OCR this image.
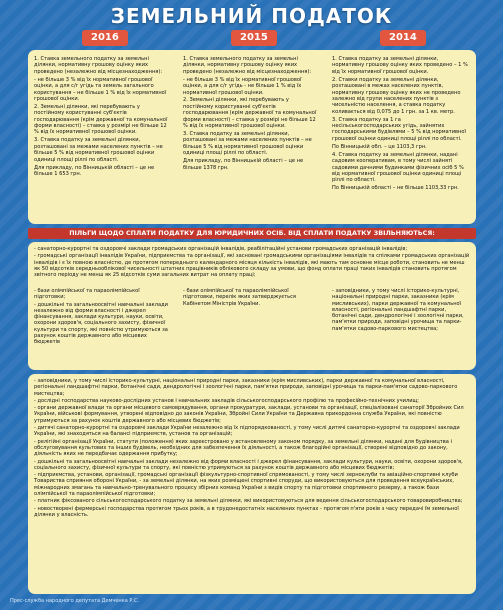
ЗЕМЕЛЬНИЙ ПОДАТОК
2016	2015	2014

1. Ставка земельного податку за земельні ділянки, нормативну грошову оцінку яких проведено (незалежно від місцезнаходження):

- не більше 3 % від їх нормативної грошової оцінки, а для с/г угідь та земель загального користування – не більше 1 % від їх нормативної грошової оцінки.

2. Земельні ділянки, які перебувають у постійному користуванні суб'єктів господарювання (крім державної та комунальної форми власності) – ставка у розмірі не більше 12 % від їх нормативної грошової оцінки.

3. Ставка податку за земельні ділянки, розташовані за межами населених пунктів – не більше 5 % від нормативної грошової оцінки одиниці площі ріллі по області.

Для прикладу, по Вінницькій області – це не більше 1 653 грн.

1. Ставка земельного податку за земельні ділянки, нормативну грошову оцінку яких проведено (незалежно від місцезнаходження):

- не більше 3 % від їх нормативної грошової оцінки, а для с/г угідь - не більше 1 % від їх нормативної грошової оцінки.

2. Земельні ділянки, які перебувають у постійному користуванні суб'єктів господарювання (крім державної та комунальної форми власності) – ставка у розмірі не більше 12 % від їх нормативної грошової оцінки.

3. Ставка податку за земельні ділянки, розташовані за межами населених пунктів – не більше 5 % від нормативної грошової оцінки одиниці площі ріллі по області.

Для прикладу, по Вінницькій області – це не більше 1378 грн.

1. Ставка податку за земельні ділянки, нормативну грошову оцінку яких проведено – 1 % від їх нормативної грошової оцінки.

2. Ставки податку за земельні ділянки, розташовані в межах населених пунктів, нормативну грошову оцінку яких не проведено залежно від групи населених пунктів з чисельністю населення, а ставка податку коливається від 0,075 до 1 грн. за 1 кв. метр.

3. Ставка податку за 1 га несільськогосподарських угідь, зайнятих господарськими будівлями – 5 % від нормативної грошової оцінки одиниці площі ріллі по області.

По Вінницькій обл. – це 1103,3 грн.

4. Ставка податку за земельні ділянки, надані садовим кооперативам, в тому числі зайняті садовими дачними будинками фізичних осіб 5 % від нормативної грошової оцінки одиниці площі ріллі по області.

По Вінницькій області – не більше 1103,33 грн.

ПІЛЬГИ ЩОДО СПЛАТИ ПОДАТКУ ДЛЯ ЮРИДИЧНИХ ОСІБ. ВІД СПЛАТИ ПОДАТКУ ЗВІЛЬНЯЮТЬСЯ:

- санаторно-курортні та оздоровчі заклади громадських організацій інвалідів, реабілітаційні установи громадських організацій інвалідів;

- громадські організації інвалідів України, підприємства та організації, які засновані громадськими організаціями інвалідів та спілками громадських організацій інвалідів і є їх повною власністю, де протягом попереднього календарного місяця кількість інвалідів, які мають там основне місце роботи, становить не менш як 50 відсотків середньооблікової чисельності штатних працівників облікового складу за умови, що фонд оплати праці таких інвалідів становить протягом звітного періоду не менш як 25 відсотків суми загальних витрат на оплату праці;

- бази олімпійської та параолімпійської підготовки;

- дошкільні та загальноосвітні навчальні заклади незалежно від форми власності і джерел фінансування, заклади культури, науки, освіти, охорони здоров'я, соціального захисту, фізичної культури та спорту, які повністю утримуються за рахунок коштів державного або місцевих бюджетів

- бази олімпійської та параолімпійської підготовки, перелік яких затверджується Кабінетом Міністрів України.

- заповідники, у тому числі історико-культурні, національні природні парки, заказники (крім мисливських), парки державної та комунальної власності, регіональні ландшафтні парки, ботанічні сади, дендрологічні і зоологічні парки, пам'ятки природи, заповідні урочища та парки-пам'ятки садово-паркового мистецтва;

- заповідники, у тому числі історико-культурні, національні природні парки, заказники (крім мисливських), парки державної та комунальної власності, регіональні ландшафтні парки, ботанічні сади, дендрологічні і зоологічні парки, пам'ятки природи, заповідні урочища та парки-пам'ятки садово-паркового мистецтва;

- дослідні господарства науково-дослідних установ і навчальних закладів сільськогосподарського профілю та професійно-технічних училищ;

- органи державної влади та органи місцевого самоврядування, органи прокуратури, заклади, установи та організації, спеціалізовані санаторії Збройних Сил України, військові формування, утворені відповідно до законів України, Збройні Сили України та Державна прикордонна служба України, які повністю утримуються за рахунок коштів державного або місцевих бюджетів;

- дитячі санаторно-курортні та оздоровчі заклади України незалежно від їх підпорядкованості, у тому числі дитячі санаторно-курортні та оздоровчі заклади України, які знаходяться на балансі підприємств, установ та організацій;

- релігійні організації України, статути (положення) яких зареєстровано у встановленому законом порядку, за земельні ділянки, надані для будівництва і обслуговування культових та інших будівель, необхідних для забезпечення їх діяльності, а також благодійні організації, створені відповідно до закону, діяльність яких не передбачає одержання прибутку;

- дошкільні та загальноосвітні навчальні заклади незалежно від форми власності і джерел фінансування, заклади культури, науки, освіти, охорони здоров'я, соціального захисту, фізичної культури та спорту, які повністю утримуються за рахунок коштів державного або місцевих бюджетів;

- підприємства, установи, організації, громадські організації фізкультурно-спортивної спрямованості, у тому числі зерноклуби та авіаційно-спортивні клуби Товариства сприяння обороні України, - за земельні ділянки, на яких розміщені спортивні споруди, що використовуються для проведення всеукраїнських, міжнародних змагань та навчально-тренувального процесу збірних команд України з видів спорту та підготовки спортивного резерву, а також бази олімпійської та параолімпійської підготовки;

- платник фіксованого сільськогосподарського податку за земельні ділянки, які використовуються для ведення сільськогосподарського товаровиробництва;

- новостворені фермерські господарства протягом трьох років, а в трудонедостатніх населених пунктах - протягом п'яти років з часу передачі їм земельної ділянки у власність.

Прес-служба народного депутата Демченка Р.С.
